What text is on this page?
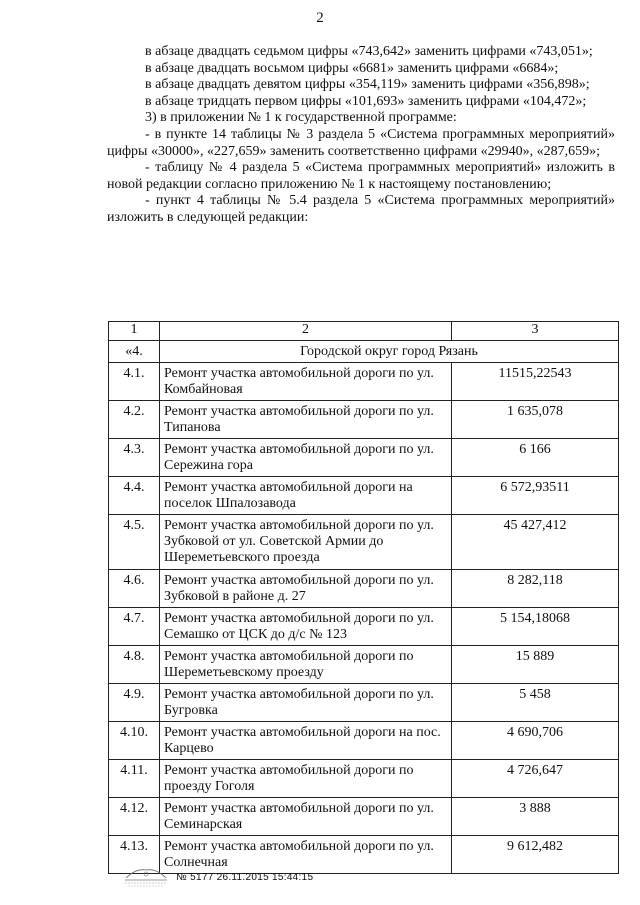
2

в абзаце двадцать седьмом цифры «743,642» заменить цифрами «743,051»;

в абзаце двадцать восьмом цифры «6681» заменить цифрами «6684»;

в абзаце двадцать девятом цифры «354,119» заменить цифрами «356,898»;

в абзаце тридцать первом цифры «101,693» заменить цифрами «104,472»;

3) в приложении № 1 к государственной программе:

- в пункте 14 таблицы № 3 раздела 5 «Система программных мероприятий» цифры «30000», «227,659» заменить соответственно цифрами «29940», «287,659»;

- таблицу № 4 раздела 5 «Система программных мероприятий» изложить в новой редакции согласно приложению № 1 к настоящему постановлению;

- пункт 4 таблицы № 5.4 раздела 5 «Система программных мероприятий» изложить в следующей редакции:

1	2	3
«4.	Городской округ город Рязань	
4.1.	Ремонт участка автомобильной дороги по ул. Комбайновая	11515,22543
4.2.	Ремонт участка автомобильной дороги по ул. Типанова	1 635,078
4.3.	Ремонт участка автомобильной дороги по ул. Сережина гора	6 166
4.4.	Ремонт участка автомобильной дороги на поселок Шпалозавода	6 572,93511
4.5.	Ремонт участка автомобильной дороги по ул. Зубковой от ул. Советской Армии до Шереметьевского проезда	45 427,412
4.6.	Ремонт участка автомобильной дороги по ул. Зубковой в районе д. 27	8 282,118
4.7.	Ремонт участка автомобильной дороги по ул. Семашко от ЦСК до д/с № 123	5 154,18068
4.8.	Ремонт участка автомобильной дороги по Шереметьевскому проезду	15 889
4.9.	Ремонт участка автомобильной дороги по ул. Бугровка	5 458
4.10.	Ремонт участка автомобильной дороги на пос. Карцево	4 690,706
4.11.	Ремонт участка автомобильной дороги по проезду Гоголя	4 726,647
4.12.	Ремонт участка автомобильной дороги по ул. Семинарская	3 888
4.13.	Ремонт участка автомобильной дороги по ул. Солнечная	9 612,482
№ 5177 26.11.2015 15:44:15
